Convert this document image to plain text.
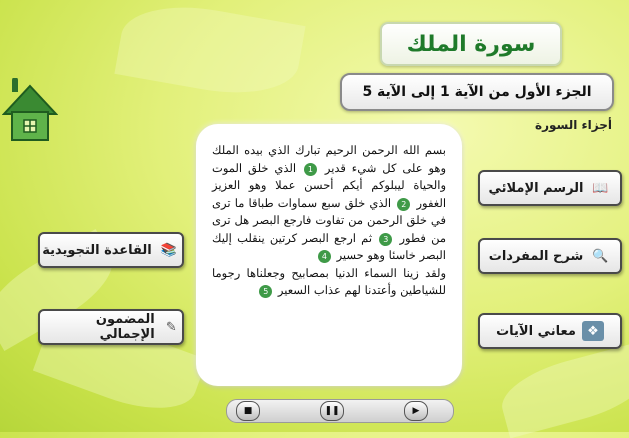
سورة الملك
الجزء الأول من الآية 1 إلى الآية 5
أجزاء السورة
بسم الله الرحمن الرحيم تبارك الذي بيده الملك وهو على كل شيء قدير 1 الذي خلق الموت والحياة ليبلوكم أيكم أحسن عملا وهو العزيز الغفور 2 الذي خلق سبع سماوات طباقا ما ترى في خلق الرحمن من تفاوت فارجع البصر هل ترى من فطور 3 ثم ارجع البصر كرتين ينقلب إليك البصر خاسئا وهو حسير 4
ولقد زينا السماء الدنيا بمصابيح وجعلناها رجوما للشياطين وأعتدنا لهم عذاب السعير 5
📖
الرسم الإملائي
🔍
شرح المفردات
❖
معاني الآيات
📚
القاعدة التجويدية
✎
المضمون الإجمالي
■	❚❚	▶
